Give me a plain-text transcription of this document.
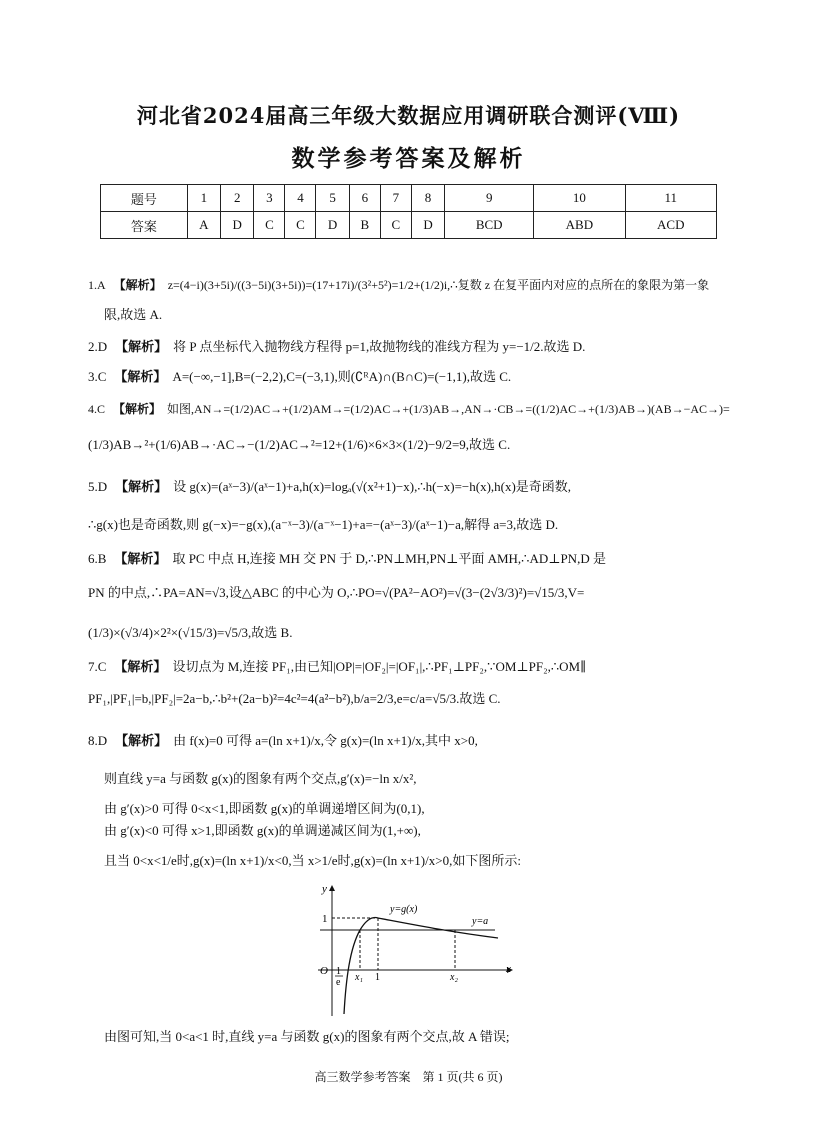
河北省2024届高三年级大数据应用调研联合测评(Ⅷ)
数学参考答案及解析
题号	1	2	3	4	5	6	7	8	9	10	11
答案	A	D	C	C	D	B	C	D	BCD	ABD	ACD
1.A 【解析】 z=(4−i)(3+5i)/((3−5i)(3+5i))=(17+17i)/(3²+5²)=1/2+(1/2)i,∴复数 z 在复平面内对应的点所在的象限为第一象
限,故选 A.
2.D 【解析】 将 P 点坐标代入抛物线方程得 p=1,故抛物线的准线方程为 y=−1/2.故选 D.
3.C 【解析】 A=(−∞,−1],B=(−2,2),C=(−3,1),则(∁ᴿA)∩(B∩C)=(−1,1),故选 C.
4.C 【解析】 如图,AN→=(1/2)AC→+(1/2)AM→=(1/2)AC→+(1/3)AB→,AN→·CB→=((1/2)AC→+(1/3)AB→)(AB→−AC→)=
(1/3)AB→²+(1/6)AB→·AC→−(1/2)AC→²=12+(1/6)×6×3×(1/2)−9/2=9,故选 C.
5.D 【解析】 设 g(x)=(aˣ−3)/(aˣ−1)+a,h(x)=logₐ(√(x²+1)−x),∴h(−x)=−h(x),h(x)是奇函数,
∴g(x)也是奇函数,则 g(−x)=−g(x),(a⁻ˣ−3)/(a⁻ˣ−1)+a=−(aˣ−3)/(aˣ−1)−a,解得 a=3,故选 D.
6.B 【解析】 取 PC 中点 H,连接 MH 交 PN 于 D,∴PN⊥MH,PN⊥平面 AMH,∴AD⊥PN,D 是
PN 的中点,∴PA=AN=√3,设△ABC 的中心为 O,∴PO=√(PA²−AO²)=√(3−(2√3/3)²)=√15/3,V=
(1/3)×(√3/4)×2²×(√15/3)=√5/3,故选 B.
7.C 【解析】 设切点为 M,连接 PF₁,由已知|OP|=|OF₂|=|OF₁|,∴PF₁⊥PF₂,∵OM⊥PF₂,∴OM∥
PF₁,|PF₁|=b,|PF₂|=2a−b,∴b²+(2a−b)²=4c²=4(a²−b²),b/a=2/3,e=c/a=√5/3.故选 C.
8.D 【解析】 由 f(x)=0 可得 a=(ln x+1)/x,令 g(x)=(ln x+1)/x,其中 x>0,
则直线 y=a 与函数 g(x)的图象有两个交点,g′(x)=−ln x/x²,
由 g′(x)>0 可得 0<x<1,即函数 g(x)的单调递增区间为(0,1),
由 g′(x)<0 可得 x>1,即函数 g(x)的单调递减区间为(1,+∞),
且当 0<x<1/e时,g(x)=(ln x+1)/x<0,当 x>1/e时,g(x)=(ln x+1)/x>0,如下图所示:
y
x
O
1
1
e x₁ 1	x₂
y=g(x)
y=a
由图可知,当 0<a<1 时,直线 y=a 与函数 g(x)的图象有两个交点,故 A 错误;
高三数学参考答案　第 1 页(共 6 页)
